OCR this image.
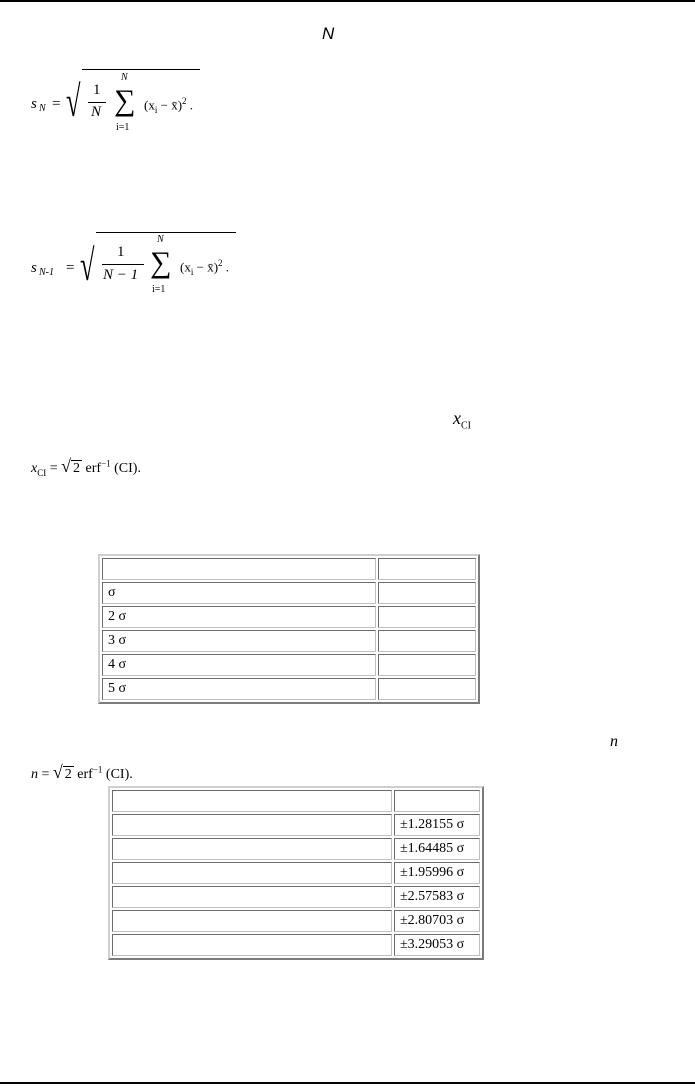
N
s N = √ 1
N
N
∑
i=1
($x_i$ − x̄)$^2$ .
s N-1 = √ 1
N − 1
N
∑
i=1
($x_i$ − x̄)$^2$ .
$x_{CI}$
$x_{CI}$ = √ 2 erf$^{-1}$ (CI).

σ	
2 σ	
3 σ	
4 σ	
5 σ	
n
n = √ 2 erf$^{-1}$ (CI).

	±1.28155 σ
	±1.64485 σ
	±1.95996 σ
	±2.57583 σ
	±2.80703 σ
	±3.29053 σ
